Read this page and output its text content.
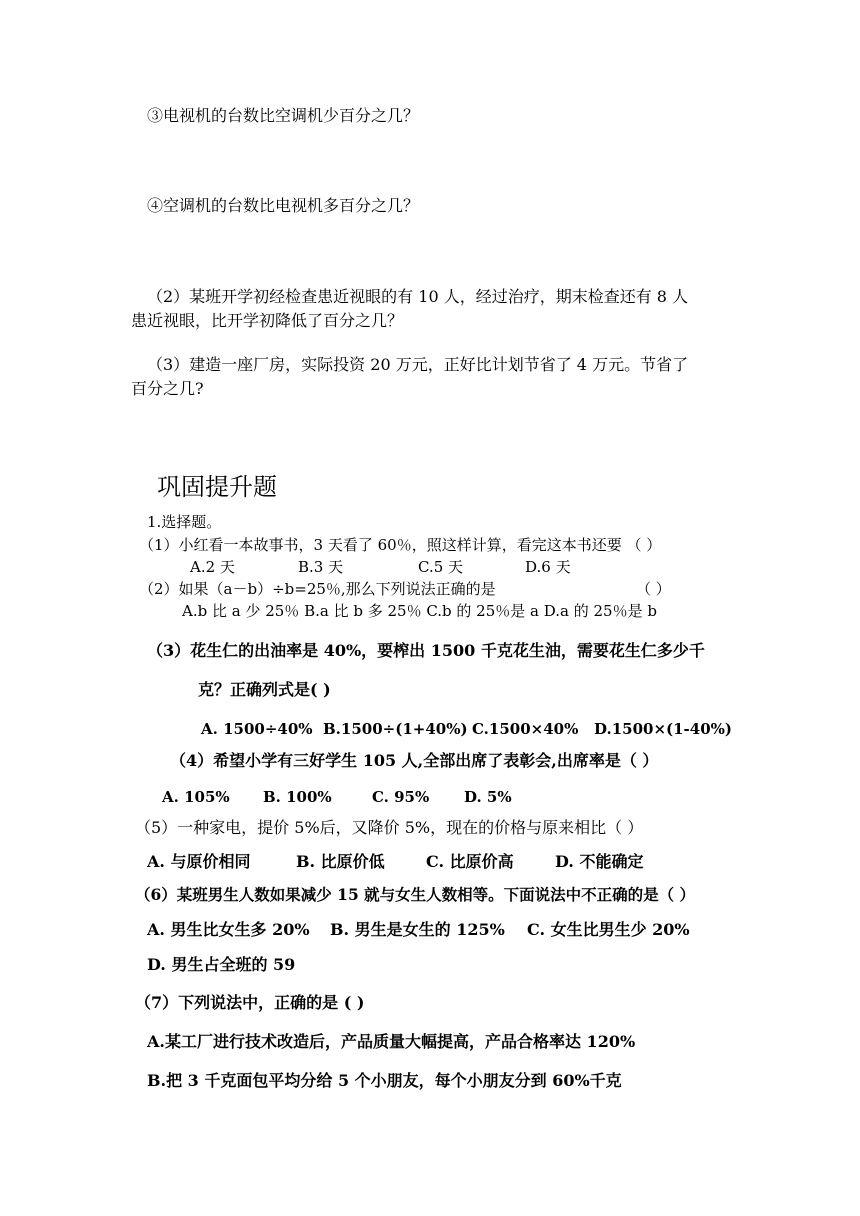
③电视机的台数比空调机少百分之几？
④空调机的台数比电视机多百分之几？
（2）某班开学初经检查患近视眼的有 10 人，经过治疗，期末检查还有 8 人
患近视眼，比开学初降低了百分之几？
（3）建造一座厂房，实际投资 20 万元，正好比计划节省了 4 万元。节省了
百分之几?
巩固提升题
1.选择题。
（1）小红看一本故事书，3 天看了 60％，照这样计算，看完这本书还要 （ ）
A.2 天	B.3 天	C.5 天	D.6 天
（2）如果（a－b）÷b=25％,那么下列说法正确的是	（ ）
A.b 比 a 少 25％ B.a 比 b 多 25％ C.b 的 25％是 a D.a 的 25％是 b
（3）花生仁的出油率是 40%，要榨出 1500 千克花生油，需要花生仁多少千
克？正确列式是( )
A. 1500÷40% B.1500÷(1+40%) C.1500×40% D.1500×(1-40%)
（4）希望小学有三好学生 105 人,全部出席了表彰会,出席率是（ ）
A. 105% B. 100%	C. 95% D. 5%
（5）一种家电，提价 5%后，又降价 5%，现在的价格与原来相比（ ）
A. 与原价相同	B. 比原价低	C. 比原价高	D. 不能确定
（6）某班男生人数如果减少 15 就与女生人数相等。下面说法中不正确的是（ ）
A. 男生比女生多 20% B. 男生是女生的 125% C. 女生比男生少 20%
D. 男生占全班的 59
（7）下列说法中，正确的是 ( )
A.某工厂进行技术改造后，产品质量大幅提高，产品合格率达 120%
B.把 3 千克面包平均分给 5 个小朋友，每个小朋友分到 60%千克
